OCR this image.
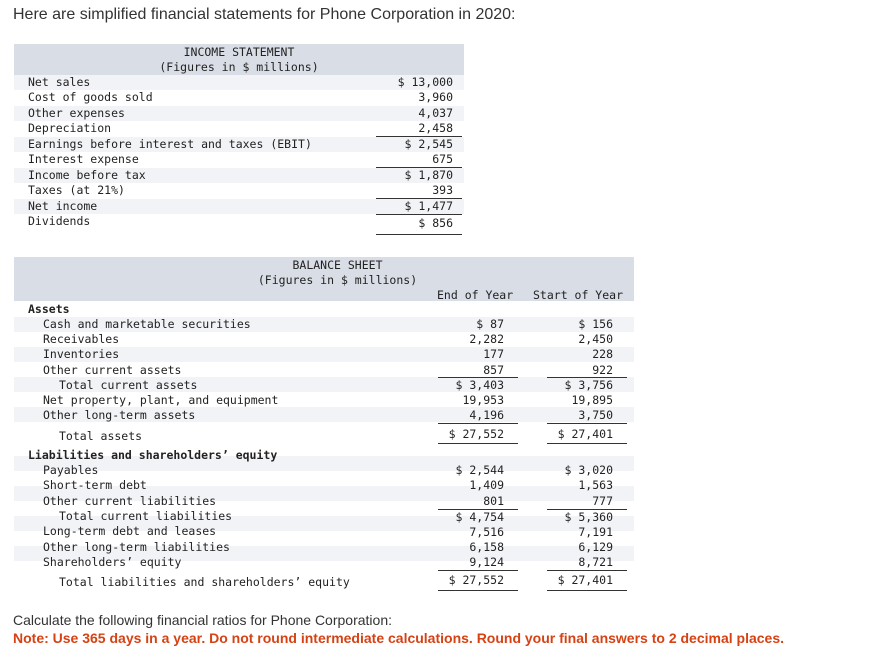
Here are simplified financial statements for Phone Corporation in 2020:
INCOME STATEMENT
(Figures in $ millions)
Net sales	$ 13,000
Cost of goods sold	3,960
Other expenses	4,037
Depreciation	2,458
Earnings before interest and taxes (EBIT)	$ 2,545
Interest expense	675
Income before tax	$ 1,870
Taxes (at 21%)	393
Net income	$ 1,477
Dividends	$ 856
BALANCE SHEET
(Figures in $ millions)
End of Year Start of Year
Assets
Cash and marketable securities	$ 87	$ 156
Receivables	2,282	2,450
Inventories	177	228
Other current assets	857	922
Total current assets	$ 3,403	$ 3,756
Net property, plant, and equipment	19,953	19,895
Other long-term assets	4,196	3,750
Total assets	$ 27,552	$ 27,401
Liabilities and shareholders’ equity
Payables	$ 2,544	$ 3,020
Short-term debt	1,409	1,563
Other current liabilities	801	777
Total current liabilities	$ 4,754	$ 5,360
Long-term debt and leases	7,516	7,191
Other long-term liabilities	6,158	6,129
Shareholders’ equity	9,124	8,721
Total liabilities and shareholders’ equity	$ 27,552	$ 27,401
Calculate the following financial ratios for Phone Corporation:
Note: Use 365 days in a year. Do not round intermediate calculations. Round your final answers to 2 decimal places.
